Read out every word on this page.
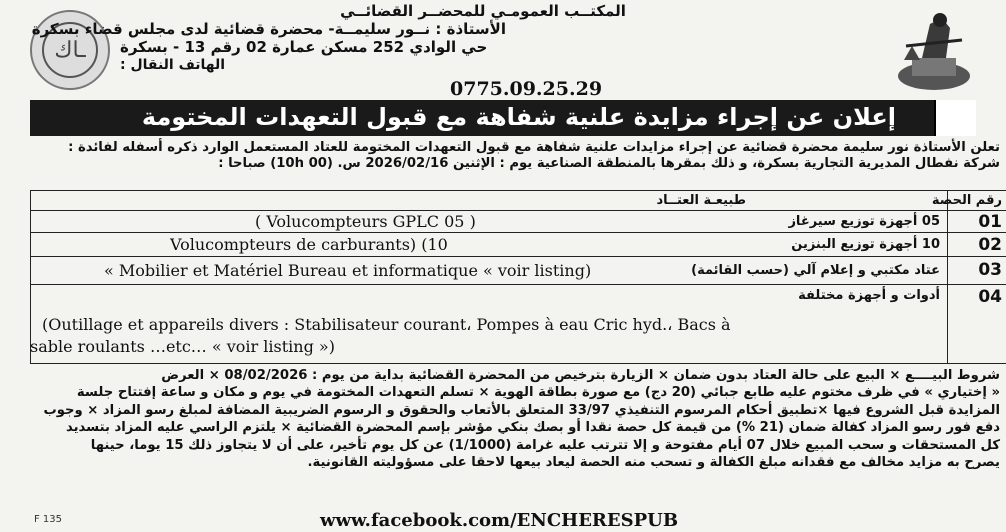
ـاك
المكتــب العمومـي للمحضــر القضائــي
الأستاذة : نــور سليمــة- محضرة قضائية لدى مجلس قضاء بسكرة
حي الوادي 252 مسكن عمارة 02 رقم 13 - بسكرة
الهاتف النقال :
0775.09.25.29
إعلان عن إجراء مزايدة علنية شفاهة مع قبول التعهدات المختومة
تعلن الأستاذة نور سليمة محضرة قضائية عن إجراء مزايدات علنية شفاهة مع قبول التعهدات المختومة للعتاد المستعمل الوارد ذكره أسفله لفائدة :
شركة نفطال المديرية التجارية بسكرة، و ذلك بمقرها بالمنطقة الصناعية يوم : الإثنين 2026/02/16 س. (10h 00) صباحا :
رقم الحصة
طبيعـة العتــاد
01
05 أجهزة توزيع سيرغاز
( Volucompteurs GPLC 05 )
02
10 أجهزة توزيع البنزين
Volucompteurs de carburants) (10
03
عتاد مكتبي و إعلام آلي (حسب القائمة)
« Mobilier et Matériel Bureau et informatique « voir listing)
04
أدوات و أجهزة مختلفة
(Outillage et appareils divers : Stabilisateur courant، Pompes à eau Cric hyd.، Bacs à
sable roulants …etc… « voir listing »)
شروط البيــــع × البيع على حالة العتاد بدون ضمان × الزيارة بترخيص من المحضرة القضائية بداية من يوم : 08/02/2026 × العرض
« إختياري » في ظرف مختوم عليه طابع جبائي (20 دج) مع صورة بطاقة الهوية × تسلم التعهدات المختومة في يوم و مكان و ساعة إفتتاح جلسة
المزايدة قبل الشروع فيها ×تطبيق أحكام المرسوم التنفيذي 33/97 المتعلق بالأتعاب والحقوق و الرسوم الضريبية المضافة لمبلغ رسو المزاد × وجوب
دفع فور رسو المزاد كفالة ضمان (21 %) من قيمة كل حصة نقدا أو بصك بنكي مؤشر بإسم المحضرة القضائية × يلتزم الراسي عليه المزاد بتسديد
كل المستحقات و سحب المبيع خلال 07 أيام مفتوحة و إلا تترتب عليه غرامة (1/1000) عن كل يوم تأخير، على أن لا يتجاوز ذلك 15 يوما، حينها
يصرح به مزايد مخالف مع فقدانه مبلغ الكفالة و تسحب منه الحصة ليعاد بيعها لاحقا على مسؤوليته القانونية.
F 135	www.facebook.com/ENCHERESPUB
